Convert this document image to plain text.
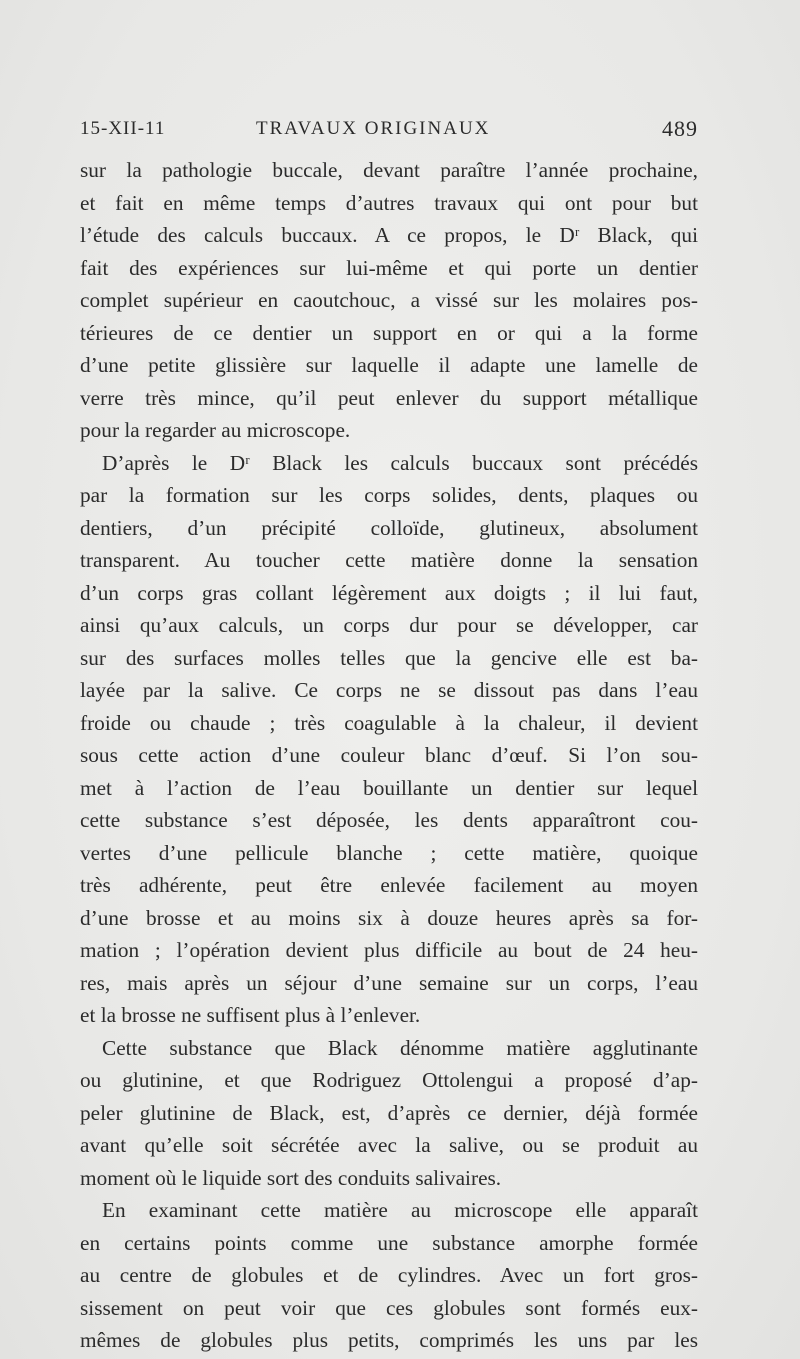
15-XII-11	TRAVAUX ORIGINAUX	489
sur la pathologie buccale, devant paraître l’année prochaine,
et fait en même temps d’autres travaux qui ont pour but
l’étude des calculs buccaux. A ce propos, le Dʳ Black, qui
fait des expériences sur lui-même et qui porte un dentier
complet supérieur en caoutchouc, a vissé sur les molaires pos-
térieures de ce dentier un support en or qui a la forme
d’une petite glissière sur laquelle il adapte une lamelle de
verre très mince, qu’il peut enlever du support métallique
pour la regarder au microscope.
D’après le Dʳ Black les calculs buccaux sont précédés
par la formation sur les corps solides, dents, plaques ou
dentiers, d’un précipité colloïde, glutineux, absolument
transparent. Au toucher cette matière donne la sensation
d’un corps gras collant légèrement aux doigts ; il lui faut,
ainsi qu’aux calculs, un corps dur pour se développer, car
sur des surfaces molles telles que la gencive elle est ba-
layée par la salive. Ce corps ne se dissout pas dans l’eau
froide ou chaude ; très coagulable à la chaleur, il devient
sous cette action d’une couleur blanc d’œuf. Si l’on sou-
met à l’action de l’eau bouillante un dentier sur lequel
cette substance s’est déposée, les dents apparaîtront cou-
vertes d’une pellicule blanche ; cette matière, quoique
très adhérente, peut être enlevée facilement au moyen
d’une brosse et au moins six à douze heures après sa for-
mation ; l’opération devient plus difficile au bout de 24 heu-
res, mais après un séjour d’une semaine sur un corps, l’eau
et la brosse ne suffisent plus à l’enlever.
Cette substance que Black dénomme matière agglutinante
ou glutinine, et que Rodriguez Ottolengui a proposé d’ap-
peler glutinine de Black, est, d’après ce dernier, déjà formée
avant qu’elle soit sécrétée avec la salive, ou se produit au
moment où le liquide sort des conduits salivaires.
En examinant cette matière au microscope elle apparaît
en certains points comme une substance amorphe formée
au centre de globules et de cylindres. Avec un fort gros-
sissement on peut voir que ces globules sont formés eux-
mêmes de globules plus petits, comprimés les uns par les
